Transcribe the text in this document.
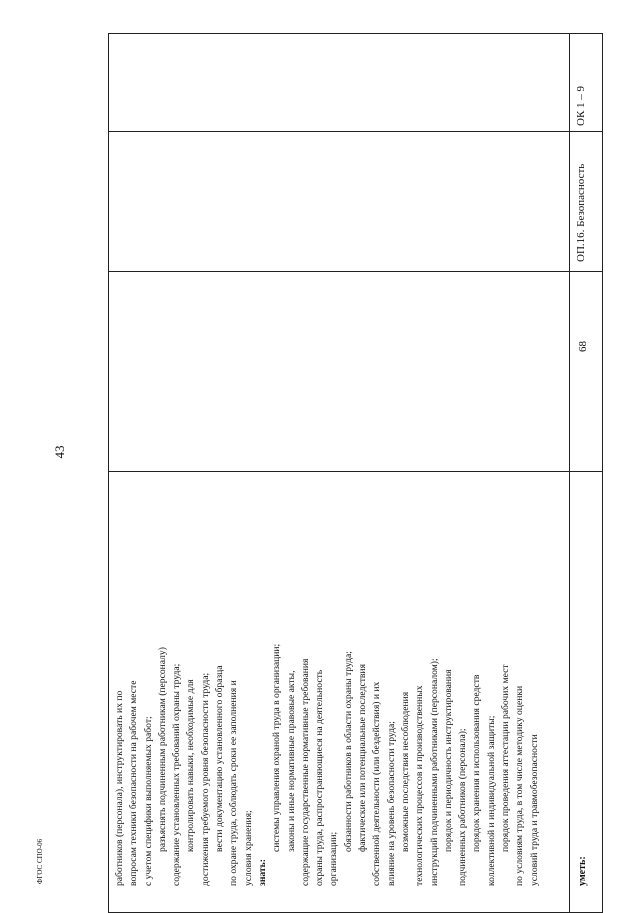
43

работников (персонала), инструктировать их по вопросам техники безопасности на рабочем месте с учетом специфики выполняемых работ; разъяснять подчиненным работникам (персоналу) содержание установленных требований охраны труда; контролировать навыки, необходимые для достижения требуемого уровня безопасности труда; вести документацию установленного образца по охране труда, соблюдать сроки ее заполнения и условия хранения; знать:

системы управления охраной труда в организации; законы и иные нормативные правовые акты, содержащие государственные нормативные требования охраны труда, распространяющиеся на деятельность организации;

обязанности работников в области охраны труда; фактические или потенциальные последствия собственной деятельности (или бездействия) и их влияние на уровень безопасности труда; возможные последствия несоблюдения технологических процессов и производственных инструкций подчиненными работниками (персоналом); порядок и периодичность инструктирования подчиненных работников (персонала); порядок хранения и использования средств коллективной и индивидуальной защиты; порядок проведения аттестации рабочих мест по условиям труда, в том числе методику оценки условий труда и травмобезопасности	уметь:
68
ОП.16. Безопасность
ОК 1 – 9
ФГОС СПО-06
